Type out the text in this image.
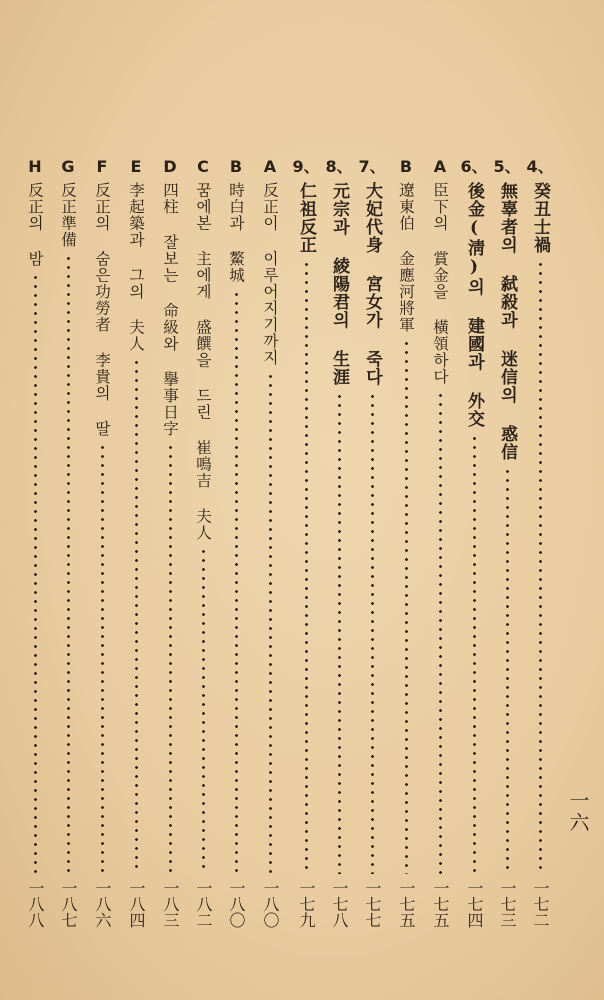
一六
4、
癸丑士禍
一七二
5、
無辜者의 弑殺과 迷信의 惑信
一七三
6、
後金(淸)의 建國과 外交
一七四
A
臣下의 賞金을 橫領하다
一七五
B
遼東伯 金應河將軍
一七五
7、
大妃代身 宮女가 죽다
一七七
8、
元宗과 綾陽君의 生涯
一七八
9、
仁祖反正
一七九
A
反正이 이루어지기까지
一八〇
B
時白과 鰲城
一八〇
C
꿈에본 主에게 盛饌을 드린 崔鳴吉 夫人
一八二
D
四柱 잘보는 命級와 擧事日字
一八三
E
李起築과 그의 夫人
一八四
F
反正의 숨은功勞者 李貴의 딸
一八六
G
反正準備
一八七
H
反正의 밤
一八八
